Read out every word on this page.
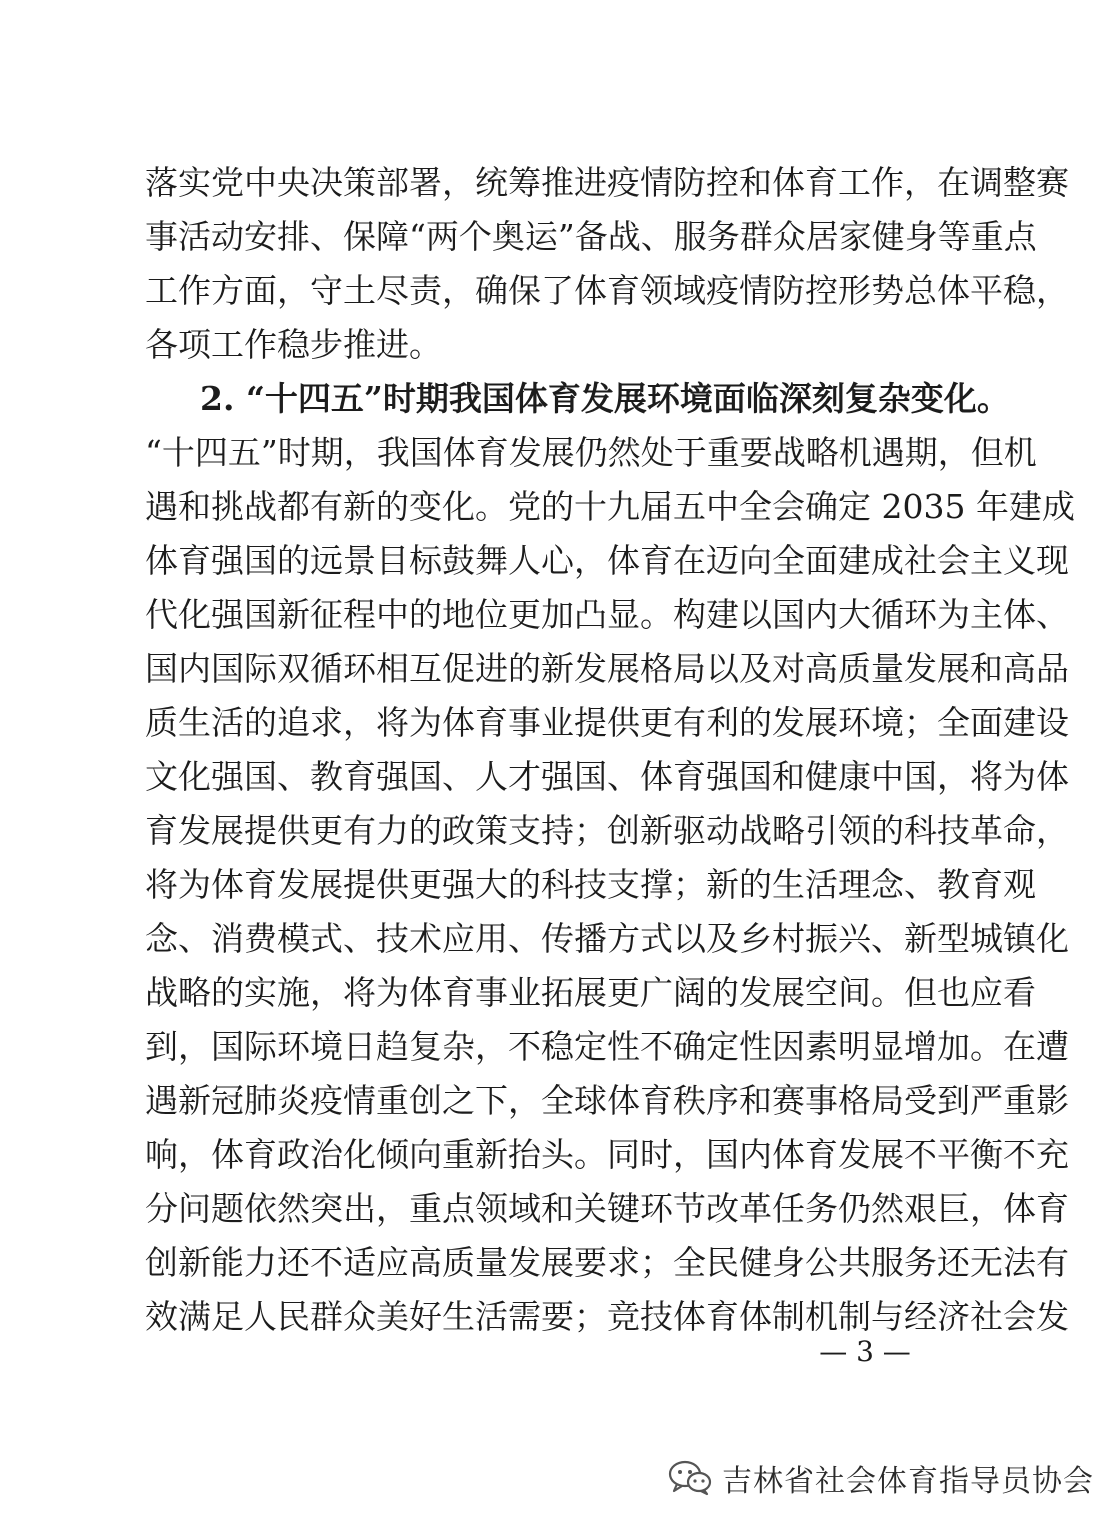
落实党中央决策部署，统筹推进疫情防控和体育工作，在调整赛
事活动安排、保障“两个奥运”备战、服务群众居家健身等重点
工作方面，守土尽责，确保了体育领域疫情防控形势总体平稳，
各项工作稳步推进。
2. “十四五”时期我国体育发展环境面临深刻复杂变化。
“十四五”时期，我国体育发展仍然处于重要战略机遇期，但机
遇和挑战都有新的变化。党的十九届五中全会确定 2035 年建成
体育强国的远景目标鼓舞人心，体育在迈向全面建成社会主义现
代化强国新征程中的地位更加凸显。构建以国内大循环为主体、
国内国际双循环相互促进的新发展格局以及对高质量发展和高品
质生活的追求，将为体育事业提供更有利的发展环境；全面建设
文化强国、教育强国、人才强国、体育强国和健康中国，将为体
育发展提供更有力的政策支持；创新驱动战略引领的科技革命，
将为体育发展提供更强大的科技支撑；新的生活理念、教育观
念、消费模式、技术应用、传播方式以及乡村振兴、新型城镇化
战略的实施，将为体育事业拓展更广阔的发展空间。但也应看
到，国际环境日趋复杂，不稳定性不确定性因素明显增加。在遭
遇新冠肺炎疫情重创之下，全球体育秩序和赛事格局受到严重影
响，体育政治化倾向重新抬头。同时，国内体育发展不平衡不充
分问题依然突出，重点领域和关键环节改革任务仍然艰巨，体育
创新能力还不适应高质量发展要求；全民健身公共服务还无法有
效满足人民群众美好生活需要；竞技体育体制机制与经济社会发
— 3 —
吉林省社会体育指导员协会
